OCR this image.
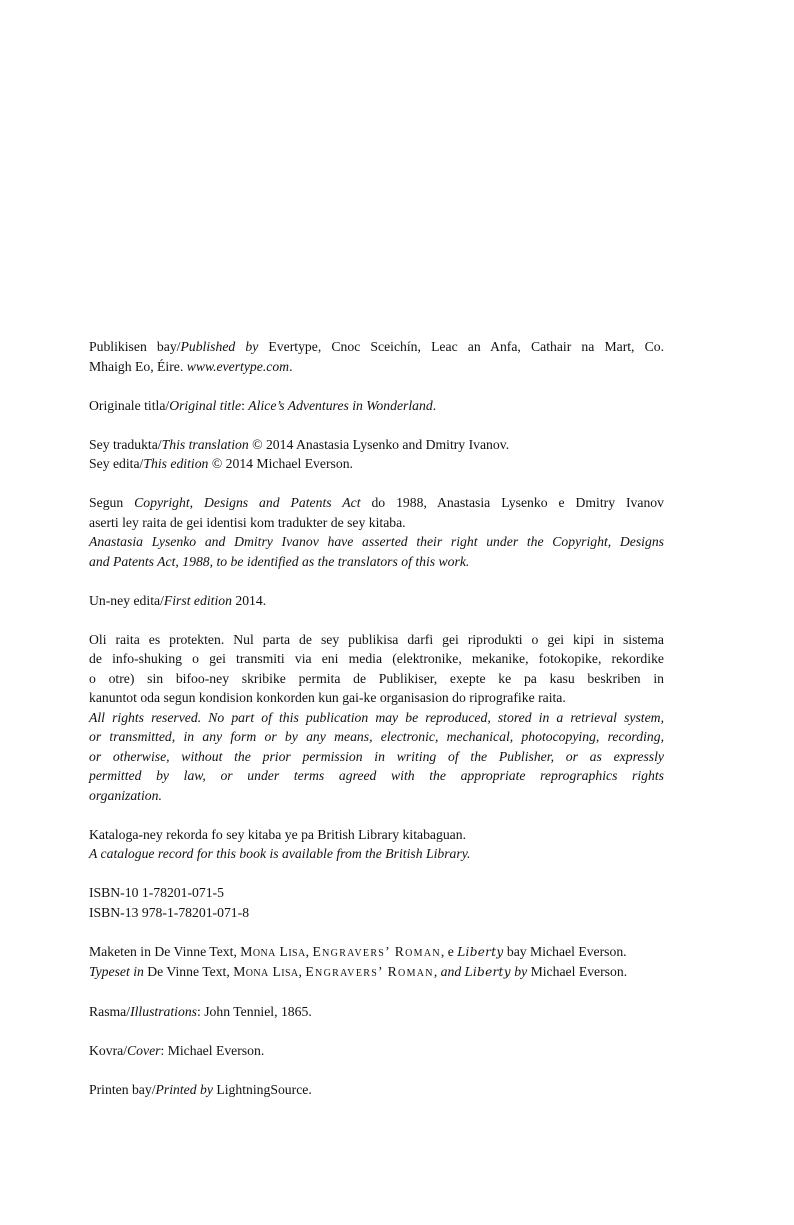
Publikisen bay/Published by Evertype, Cnoc Sceichín, Leac an Anfa, Cathair na Mart, Co.
Mhaigh Eo, Éire. www.evertype.com.
Originale titla/Original title: Alice’s Adventures in Wonderland.
Sey tradukta/This translation © 2014 Anastasia Lysenko and Dmitry Ivanov.
Sey edita/This edition © 2014 Michael Everson.
Segun Copyright, Designs and Patents Act do 1988, Anastasia Lysenko e Dmitry Ivanov
aserti ley raita de gei identisi kom tradukter de sey kitaba.
Anastasia Lysenko and Dmitry Ivanov have asserted their right under the Copyright, Designs
and Patents Act, 1988, to be identified as the translators of this work.
Un-ney edita/First edition 2014.
Oli raita es protekten. Nul parta de sey publikisa darfi gei riprodukti o gei kipi in sistema
de info-shuking o gei transmiti via eni media (elektronike, mekanike, fotokopike, rekordike
o otre) sin bifoo-ney skribike permita de Publikiser, exepte ke pa kasu beskriben in
kanuntot oda segun kondision konkorden kun gai-ke organisasion do riprografike raita.
All rights reserved. No part of this publication may be reproduced, stored in a retrieval system,
or transmitted, in any form or by any means, electronic, mechanical, photocopying, recording,
or otherwise, without the prior permission in writing of the Publisher, or as expressly
permitted by law, or under terms agreed with the appropriate reprographics rights
organization.
Kataloga-ney rekorda fo sey kitaba ye pa British Library kitabaguan.
A catalogue record for this book is available from the British Library.
ISBN-10 1-78201-071-5
ISBN-13 978-1-78201-071-8
Maketen in De Vinne Text, Mona Lisa, Engravers’ Roman, e Liberty bay Michael Everson.
Typeset in De Vinne Text, Mona Lisa, Engravers’ Roman, and Liberty by Michael Everson.
Rasma/Illustrations: John Tenniel, 1865.
Kovra/Cover: Michael Everson.
Printen bay/Printed by LightningSource.
